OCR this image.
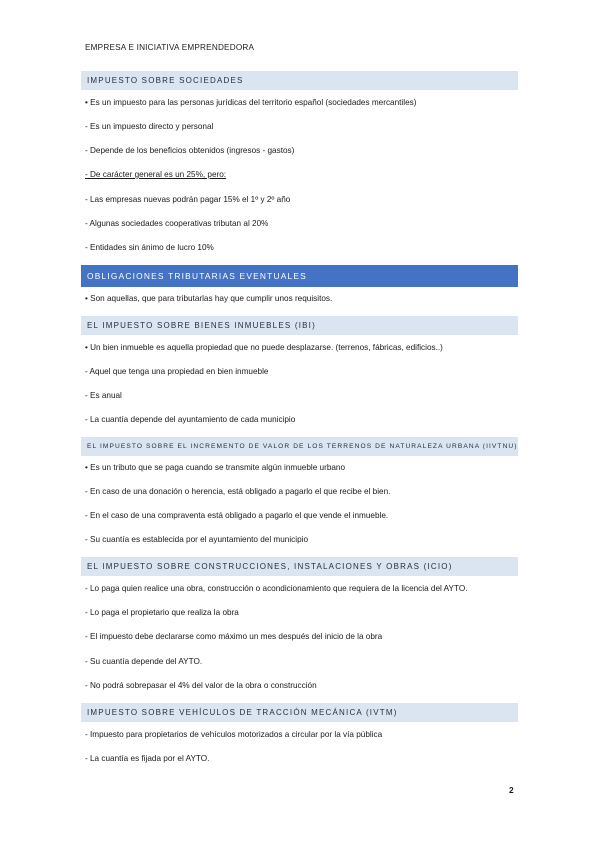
EMPRESA E INICIATIVA EMPRENDEDORA
IMPUESTO SOBRE SOCIEDADES
• Es un impuesto para las personas jurídicas del territorio español (sociedades mercantiles)
- Es un impuesto directo y personal
- Depende de los beneficios obtenidos (ingresos - gastos)
- De carácter general es un 25%, pero:
- Las empresas nuevas podrán pagar 15% el 1º y 2º año
- Algunas sociedades cooperativas tributan al 20%
- Entidades sin ánimo de lucro 10%
OBLIGACIONES TRIBUTARIAS EVENTUALES
• Son aquellas, que para tributarlas hay que cumplir unos requisitos.
EL IMPUESTO SOBRE BIENES INMUEBLES (IBI)
• Un bien inmueble es aquella propiedad que no puede desplazarse. (terrenos, fábricas, edificios..)
- Aquel que tenga una propiedad en bien inmueble
- Es anual
- La cuantía depende del ayuntamiento de cada municipio
EL IMPUESTO SOBRE EL INCREMENTO DE VALOR DE LOS TERRENOS DE NATURALEZA URBANA (IIVTNU)
• Es un tributo que se paga cuando se transmite algún inmueble urbano
- En caso de una donación o herencia, está obligado a pagarlo el que recibe el bien.
- En el caso de una compraventa está obligado a pagarlo el que vende el inmueble.
- Su cuantía es establecida por el ayuntamiento del municipio
EL IMPUESTO SOBRE CONSTRUCCIONES, INSTALACIONES Y OBRAS (ICIO)
- Lo paga quien realice una obra, construcción o acondicionamiento que requiera de la licencia del AYTO.
- Lo paga el propietario que realiza la obra
- El impuesto debe declararse como máximo un mes después del inicio de la obra
- Su cuantía depende del AYTO.
- No podrá sobrepasar el 4% del valor de la obra o construcción
IMPUESTO SOBRE VEHÍCULOS DE TRACCIÓN MECÁNICA (IVTM)
- Impuesto para propietarios de vehículos motorizados a circular por la vía pública
- La cuantía es fijada por el AYTO.
2
